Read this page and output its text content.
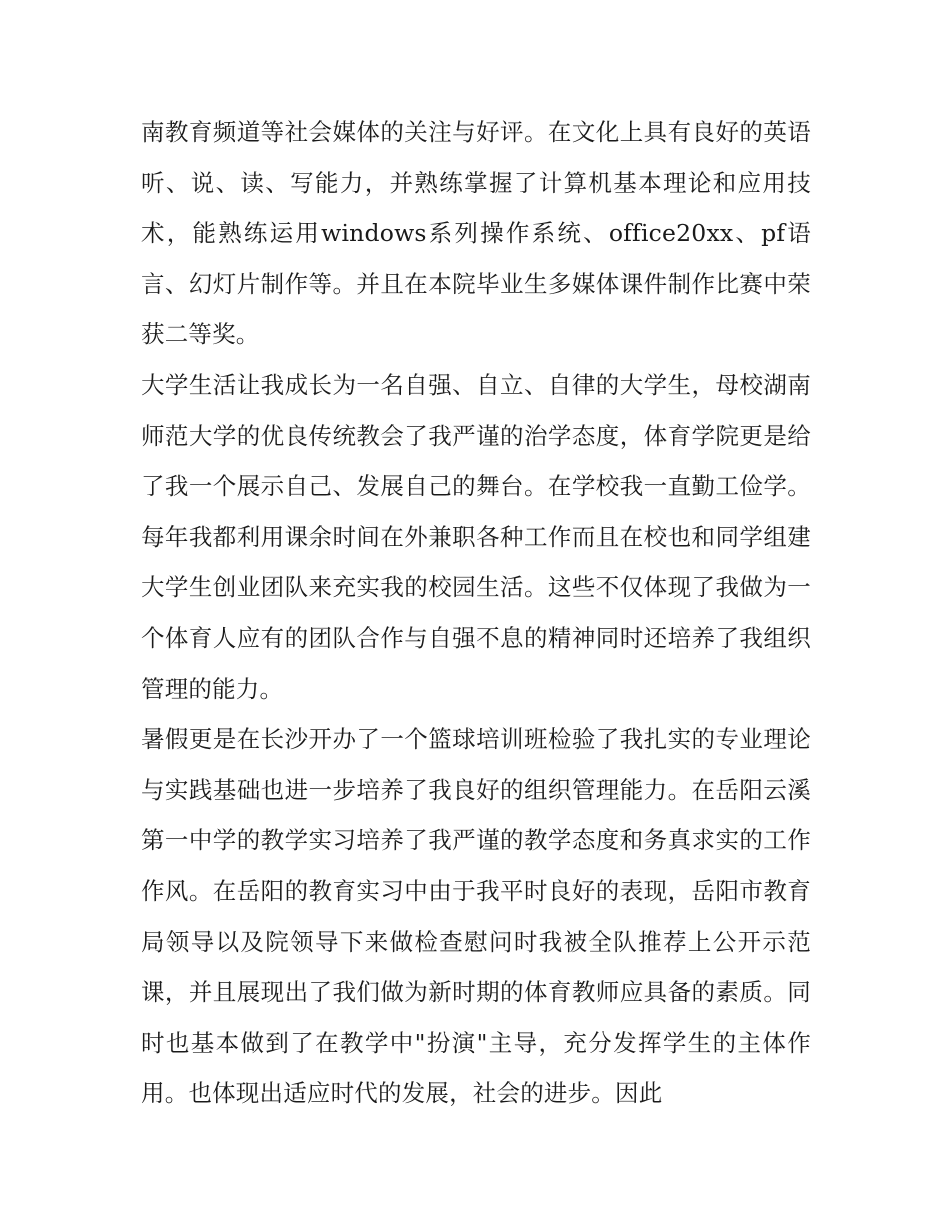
南教育频道等社会媒体的关注与好评。在文化上具有良好的英语听、说、读、写能力，并熟练掌握了计算机基本理论和应用技术，能熟练运用windows系列操作系统、office20xx、pf语言、幻灯片制作等。并且在本院毕业生多媒体课件制作比赛中荣获二等奖。

大学生活让我成长为一名自强、自立、自律的大学生，母校湖南师范大学的优良传统教会了我严谨的治学态度，体育学院更是给了我一个展示自己、发展自己的舞台。在学校我一直勤工俭学。每年我都利用课余时间在外兼职各种工作而且在校也和同学组建大学生创业团队来充实我的校园生活。这些不仅体现了我做为一个体育人应有的团队合作与自强不息的精神同时还培养了我组织管理的能力。

暑假更是在长沙开办了一个篮球培训班检验了我扎实的专业理论与实践基础也进一步培养了我良好的组织管理能力。在岳阳云溪第一中学的教学实习培养了我严谨的教学态度和务真求实的工作作风。在岳阳的教育实习中由于我平时良好的表现，岳阳市教育局领导以及院领导下来做检查慰问时我被全队推荐上公开示范课，并且展现出了我们做为新时期的体育教师应具备的素质。同时也基本做到了在教学中"扮演"主导，充分发挥学生的主体作用。也体现出适应时代的发展，社会的进步。因此
